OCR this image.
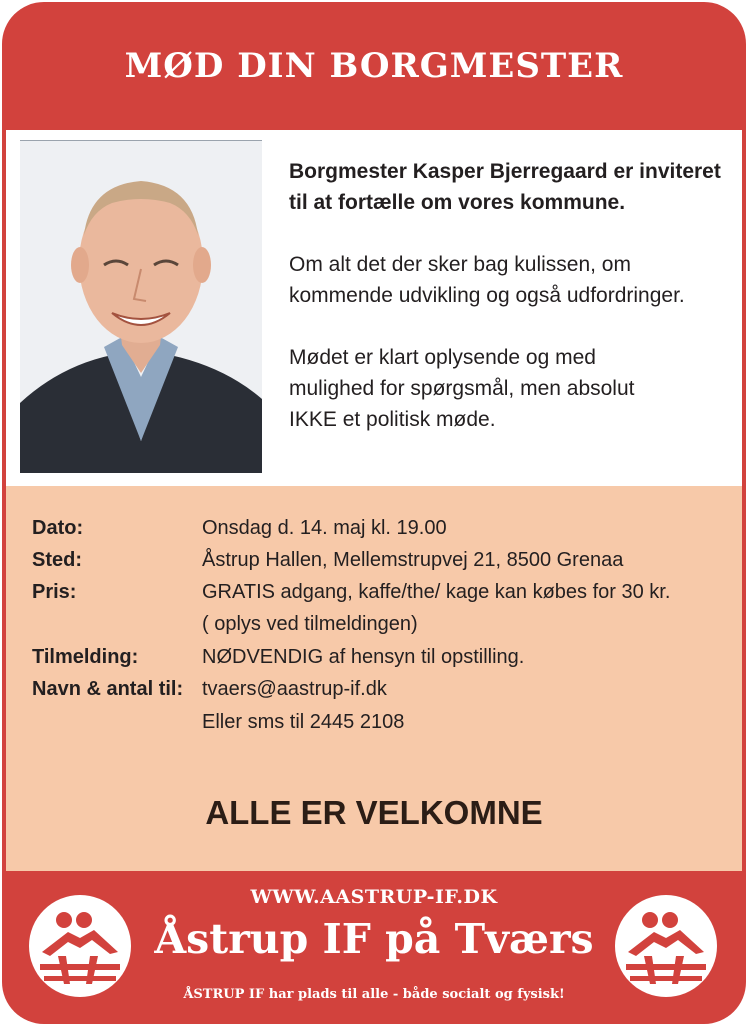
MØD DIN BORGMESTER

Borgmester Kasper Bjerregaard er inviteret
til at fortælle om vores kommune.

Om alt det der sker bag kulissen, om
kommende udvikling og også udfordringer.

Mødet er klart oplysende og med
mulighed for spørgsmål, men absolut
IKKE et politisk møde.

Dato:	Onsdag d. 14. maj kl. 19.00
Sted:	Åstrup Hallen, Mellemstrupvej 21, 8500 Grenaa
Pris:	GRATIS adgang, kaffe/the/ kage kan købes for 30 kr.
( oplys ved tilmeldingen)
Tilmelding:	NØDVENDIG af hensyn til opstilling.
Navn & antal til: tvaers@aastrup-if.dk
Eller sms til 2445 2108
ALLE ER VELKOMNE
WWW.AASTRUP-IF.DK
Åstrup IF på Tværs
ÅSTRUP IF har plads til alle - både socialt og fysisk!
